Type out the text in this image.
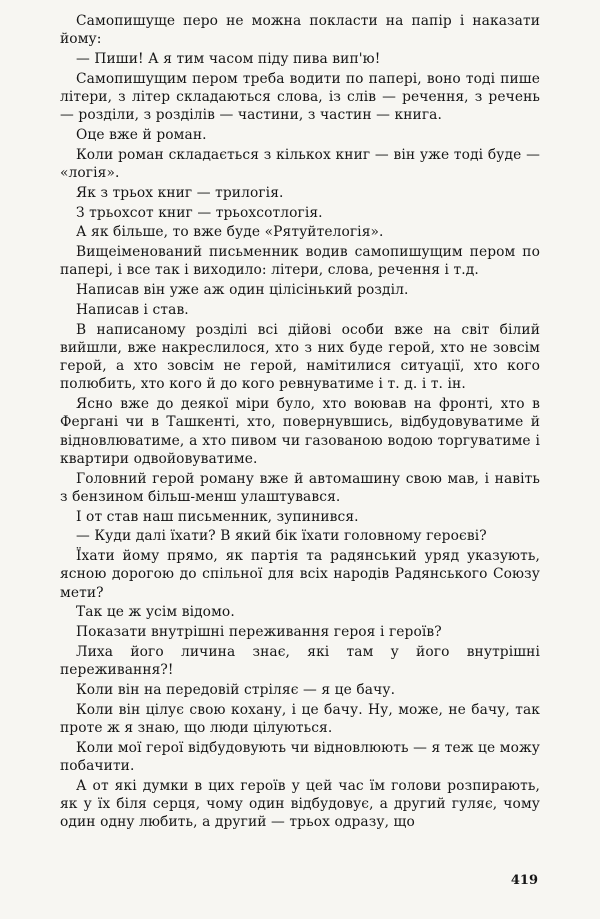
Самопишуще перо не можна покласти на папір і наказати йому:

— Пиши! А я тим часом піду пива вип'ю!

Самопишущим пером треба водити по папері, воно тоді пише літери, з літер складаються слова, із слів — речення, з речень — розділи, з розділів — частини, з частин — книга.

Оце вже й роман.

Коли роман складається з кількох книг — він уже тоді буде — «логія».

Як з трьох книг — трилогія.

З трьохсот книг — трьохсотлогія.

А як більше, то вже буде «Рятуйтелогія».

Вищеіменований письменник водив самопишущим пером по папері, і все так і виходило: літери, слова, речення і т.д.

Написав він уже аж один цілісінький розділ.

Написав і став.

В написаному розділі всі дійові особи вже на світ білий вийшли, вже накреслилося, хто з них буде герой, хто не зовсім герой, а хто зовсім не герой, намітилися ситуації, хто кого полюбить, хто кого й до кого ревнуватиме і т. д. і т. ін.

Ясно вже до деякої міри було, хто воював на фронті, хто в Фергані чи в Ташкенті, хто, повернувшись, відбудовуватиме й відновлюватиме, а хто пивом чи газованою водою торгуватиме і квартири одвойовуватиме.

Головний герой роману вже й автомашину свою мав, і навіть з бензином більш-менш улаштувався.

І от став наш письменник, зупинився.

— Куди далі їхати? В який бік їхати головному героєві?

Їхати йому прямо, як партія та радянський уряд указують, ясною дорогою до спільної для всіх народів Радянського Союзу мети?

Так це ж усім відомо.

Показати внутрішні переживання героя і героїв?

Лиха його личина знає, які там у його внутрішні переживання?!

Коли він на передовій стріляє — я це бачу.

Коли він цілує свою кохану, і це бачу. Ну, може, не бачу, так проте ж я знаю, що люди цілуються.

Коли мої герої відбудовують чи відновлюють — я теж це можу побачити.

А от які думки в цих героїв у цей час їм голови розпирають, як у їх біля серця, чому один відбудовує, а другий гуляє, чому один одну любить, а другий — трьох одразу, що

419
